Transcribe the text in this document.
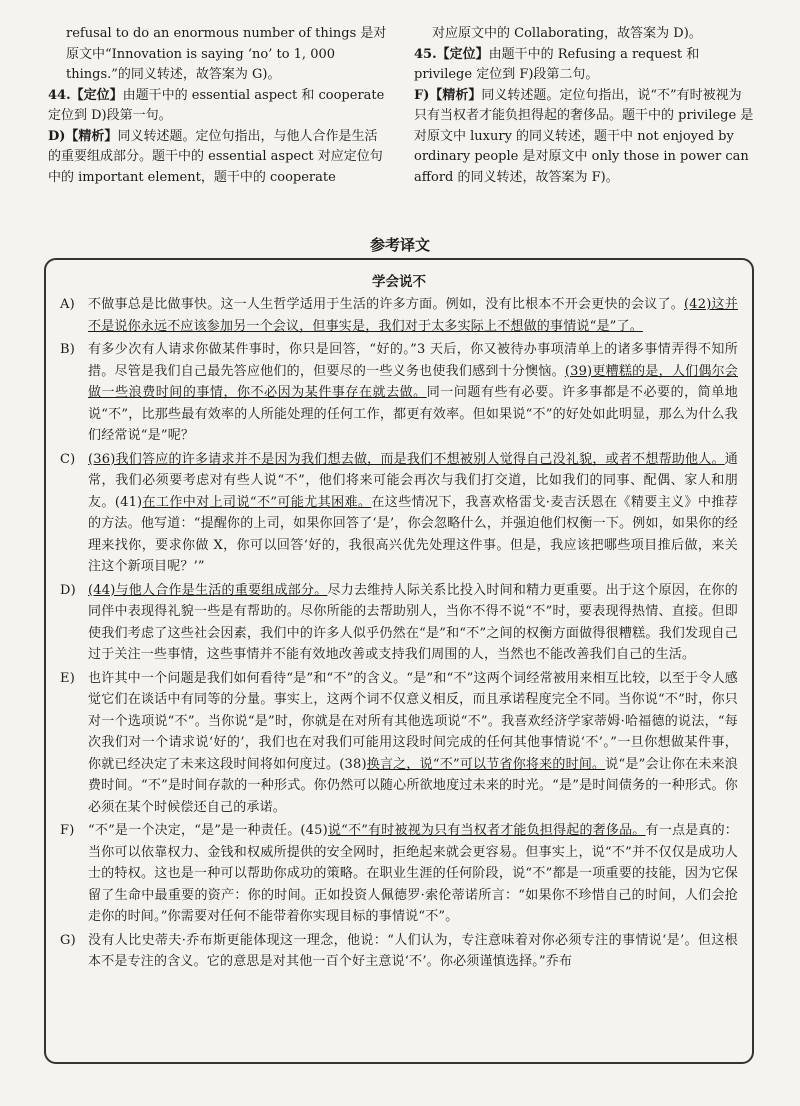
refusal to do an enormous number of things 是对原文中“Innovation is saying ‘no’ to 1, 000 things.”的同义转述，故答案为 G)。

44.【定位】由题干中的 essential aspect 和 cooperate 定位到 D)段第一句。

D)【精析】同义转述题。定位句指出，与他人合作是生活的重要组成部分。题干中的 essential aspect 对应定位句中的 important element，题干中的 cooperate

对应原文中的 Collaborating，故答案为 D)。

45.【定位】由题干中的 Refusing a request 和 privilege 定位到 F)段第二句。

F)【精析】同义转述题。定位句指出，说“不”有时被视为只有当权者才能负担得起的奢侈品。题干中的 privilege 是对原文中 luxury 的同义转述，题干中 not enjoyed by ordinary people 是对原文中 only those in power can afford 的同义转述，故答案为 F)。

参考译文
学会说不
A)	不做事总是比做事快。这一人生哲学适用于生活的许多方面。例如，没有比根本不开会更快的会议了。(42)这并不是说你永远不应该参加另一个会议，但事实是，我们对于太多实际上不想做的事情说“是”了。
B) 有多少次有人请求你做某件事时，你只是回答，“好的。”3 天后，你又被待办事项清单上的诸多事情弄得不知所措。尽管是我们自己最先答应他们的，但要尽的一些义务也使我们感到十分懊恼。(39)更糟糕的是，人们偶尔会做一些浪费时间的事情，你不必因为某件事存在就去做。同一问题有些有必要。许多事都是不必要的，简单地说“不”，比那些最有效率的人所能处理的任何工作，都更有效率。但如果说“不”的好处如此明显，那么为什么我们经常说“是”呢？
C) (36)我们答应的许多请求并不是因为我们想去做，而是我们不想被别人觉得自己没礼貌，或者不想帮助他人。通常，我们必须要考虑对有些人说“不”，他们将来可能会再次与我们打交道，比如我们的同事、配偶、家人和朋友。(41)在工作中对上司说“不”可能尤其困难。在这些情况下，我喜欢格雷戈·麦吉沃恩在《精要主义》中推荐的方法。他写道：“提醒你的上司，如果你回答了‘是’，你会忽略什么，并强迫他们权衡一下。例如，如果你的经理来找你，要求你做 X，你可以回答‘好的，我很高兴优先处理这件事。但是，我应该把哪些项目推后做，来关注这个新项目呢？’”
D) (44)与他人合作是生活的重要组成部分。尽力去维持人际关系比投入时间和精力更重要。出于这个原因，在你的同伴中表现得礼貌一些是有帮助的。尽你所能的去帮助别人，当你不得不说“不”时，要表现得热情、直接。但即使我们考虑了这些社会因素，我们中的许多人似乎仍然在“是”和“不”之间的权衡方面做得很糟糕。我们发现自己过于关注一些事情，这些事情并不能有效地改善或支持我们周围的人，当然也不能改善我们自己的生活。
E)	也许其中一个问题是我们如何看待“是”和“不”的含义。“是”和“不”这两个词经常被用来相互比较，以至于令人感觉它们在谈话中有同等的分量。事实上，这两个词不仅意义相反，而且承诺程度完全不同。当你说“不”时，你只对一个选项说“不”。当你说“是”时，你就是在对所有其他选项说“不”。我喜欢经济学家蒂姆·哈福德的说法，“每次我们对一个请求说‘好的’，我们也在对我们可能用这段时间完成的任何其他事情说‘不’。”一旦你想做某件事，你就已经决定了未来这段时间将如何度过。(38)换言之，说“不”可以节省你将来的时间。说“是”会让你在未来浪费时间。“不”是时间存款的一种形式。你仍然可以随心所欲地度过未来的时光。“是”是时间债务的一种形式。你必须在某个时候偿还自己的承诺。
F)	“不”是一个决定，“是”是一种责任。(45)说“不”有时被视为只有当权者才能负担得起的奢侈品。有一点是真的：当你可以依靠权力、金钱和权威所提供的安全网时，拒绝起来就会更容易。但事实上，说“不”并不仅仅是成功人士的特权。这也是一种可以帮助你成功的策略。在职业生涯的任何阶段，说“不”都是一项重要的技能，因为它保留了生命中最重要的资产：你的时间。正如投资人佩德罗·索伦蒂诺所言：“如果你不珍惜自己的时间，人们会抢走你的时间。”你需要对任何不能带着你实现目标的事情说“不”。
G) 没有人比史蒂夫·乔布斯更能体现这一理念，他说：“人们认为，专注意味着对你必须专注的事情说‘是’。但这根本不是专注的含义。它的意思是对其他一百个好主意说‘不’。你必须谨慎选择。”乔布
